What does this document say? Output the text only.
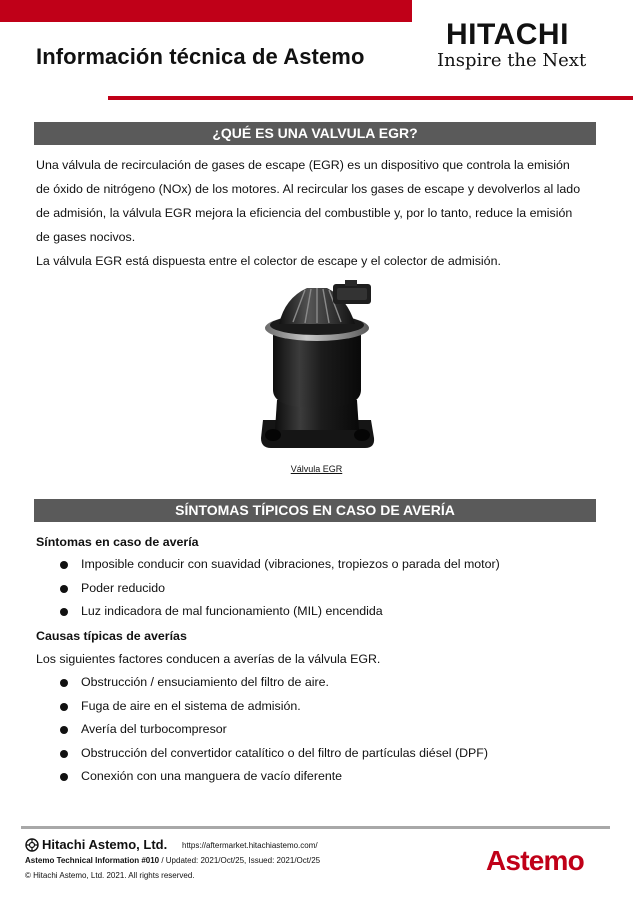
Información técnica de Astemo
HITACHI
Inspire the Next
¿QUÉ ES UNA VALVULA EGR?

Una válvula de recirculación de gases de escape (EGR) es un dispositivo que controla la emisión
de óxido de nitrógeno (NOx) de los motores. Al recircular los gases de escape y devolverlos al lado
de admisión, la válvula EGR mejora la eficiencia del combustible y, por lo tanto, reduce la emisión
de gases nocivos.

La válvula EGR está dispuesta entre el colector de escape y el colector de admisión.

Válvula EGR
SÍNTOMAS TÍPICOS EN CASO DE AVERÍA

Síntomas en caso de avería

Imposible conducir con suavidad (vibraciones, tropiezos o parada del motor)
Poder reducido
Luz indicadora de mal funcionamiento (MIL) encendida

Causas típicas de averías

Los siguientes factores conducen a averías de la válvula EGR.

Obstrucción / ensuciamiento del filtro de aire.
Fuga de aire en el sistema de admisión.
Avería del turbocompresor
Obstrucción del convertidor catalítico o del filtro de partículas diésel (DPF)
Conexión con una manguera de vacío diferente
Hitachi Astemo, Ltd. https://aftermarket.hitachiastemo.com/
Astemo Technical Information #010 / Updated: 2021/Oct/25, Issued: 2021/Oct/25
© Hitachi Astemo, Ltd. 2021. All rights reserved.	Astemo
